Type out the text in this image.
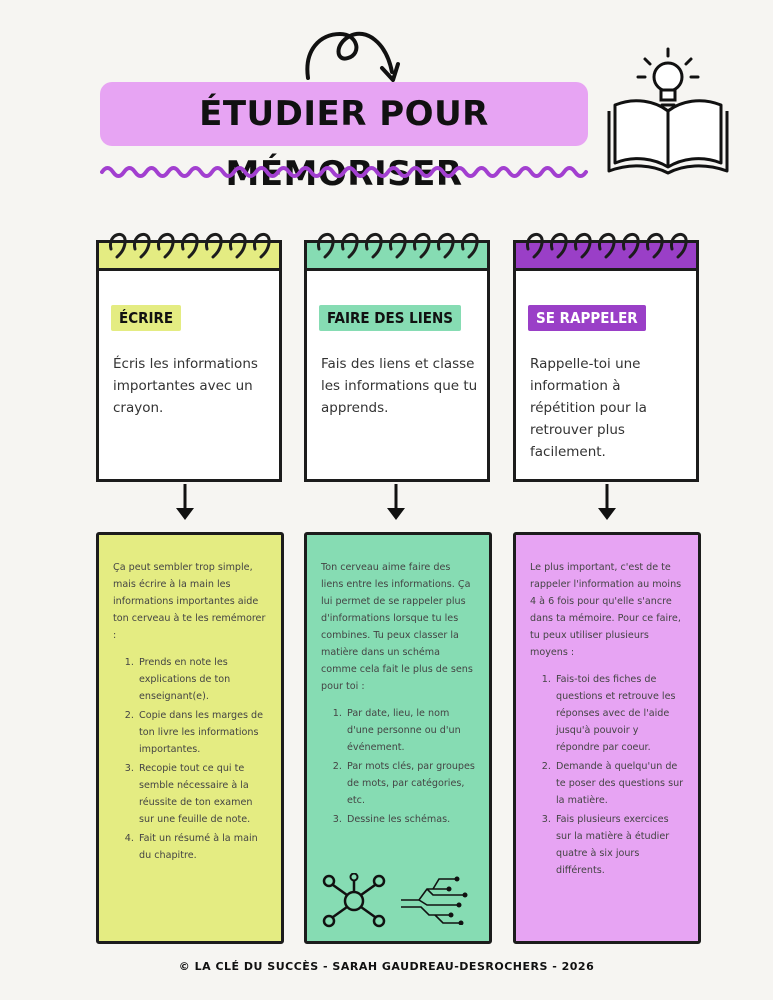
ÉTUDIER POUR MÉMORISER
ÉCRIRE
Écris les informations importantes avec un crayon.
FAIRE DES LIENS
Fais des liens et classe les informations que tu apprends.
SE RAPPELER
Rappelle-toi une information à répétition pour la retrouver plus facilement.

Ça peut sembler trop simple, mais écrire à la main les informations importantes aide ton cerveau à te les remémorer :

1. Prends en note les explications de ton enseignant(e).
2. Copie dans les marges de ton livre les informations importantes.
3. Recopie tout ce qui te semble nécessaire à la réussite de ton examen sur une feuille de note.
4. Fait un résumé à la main du chapitre.

Ton cerveau aime faire des liens entre les informations. Ça lui permet de se rappeler plus d'informations lorsque tu les combines. Tu peux classer la matière dans un schéma comme cela fait le plus de sens pour toi :

1. Par date, lieu, le nom d'une personne ou d'un événement.
2. Par mots clés, par groupes de mots, par catégories, etc.
3. Dessine les schémas.

Le plus important, c'est de te rappeler l'information au moins 4 à 6 fois pour qu'elle s'ancre dans ta mémoire. Pour ce faire, tu peux utiliser plusieurs moyens :

1. Fais-toi des fiches de questions et retrouve les réponses avec de l'aide jusqu'à pouvoir y répondre par coeur.
2. Demande à quelqu'un de te poser des questions sur la matière.
3. Fais plusieurs exercices sur la matière à étudier quatre à six jours différents.
© LA CLÉ DU SUCCÈS - SARAH GAUDREAU-DESROCHERS - 2026
